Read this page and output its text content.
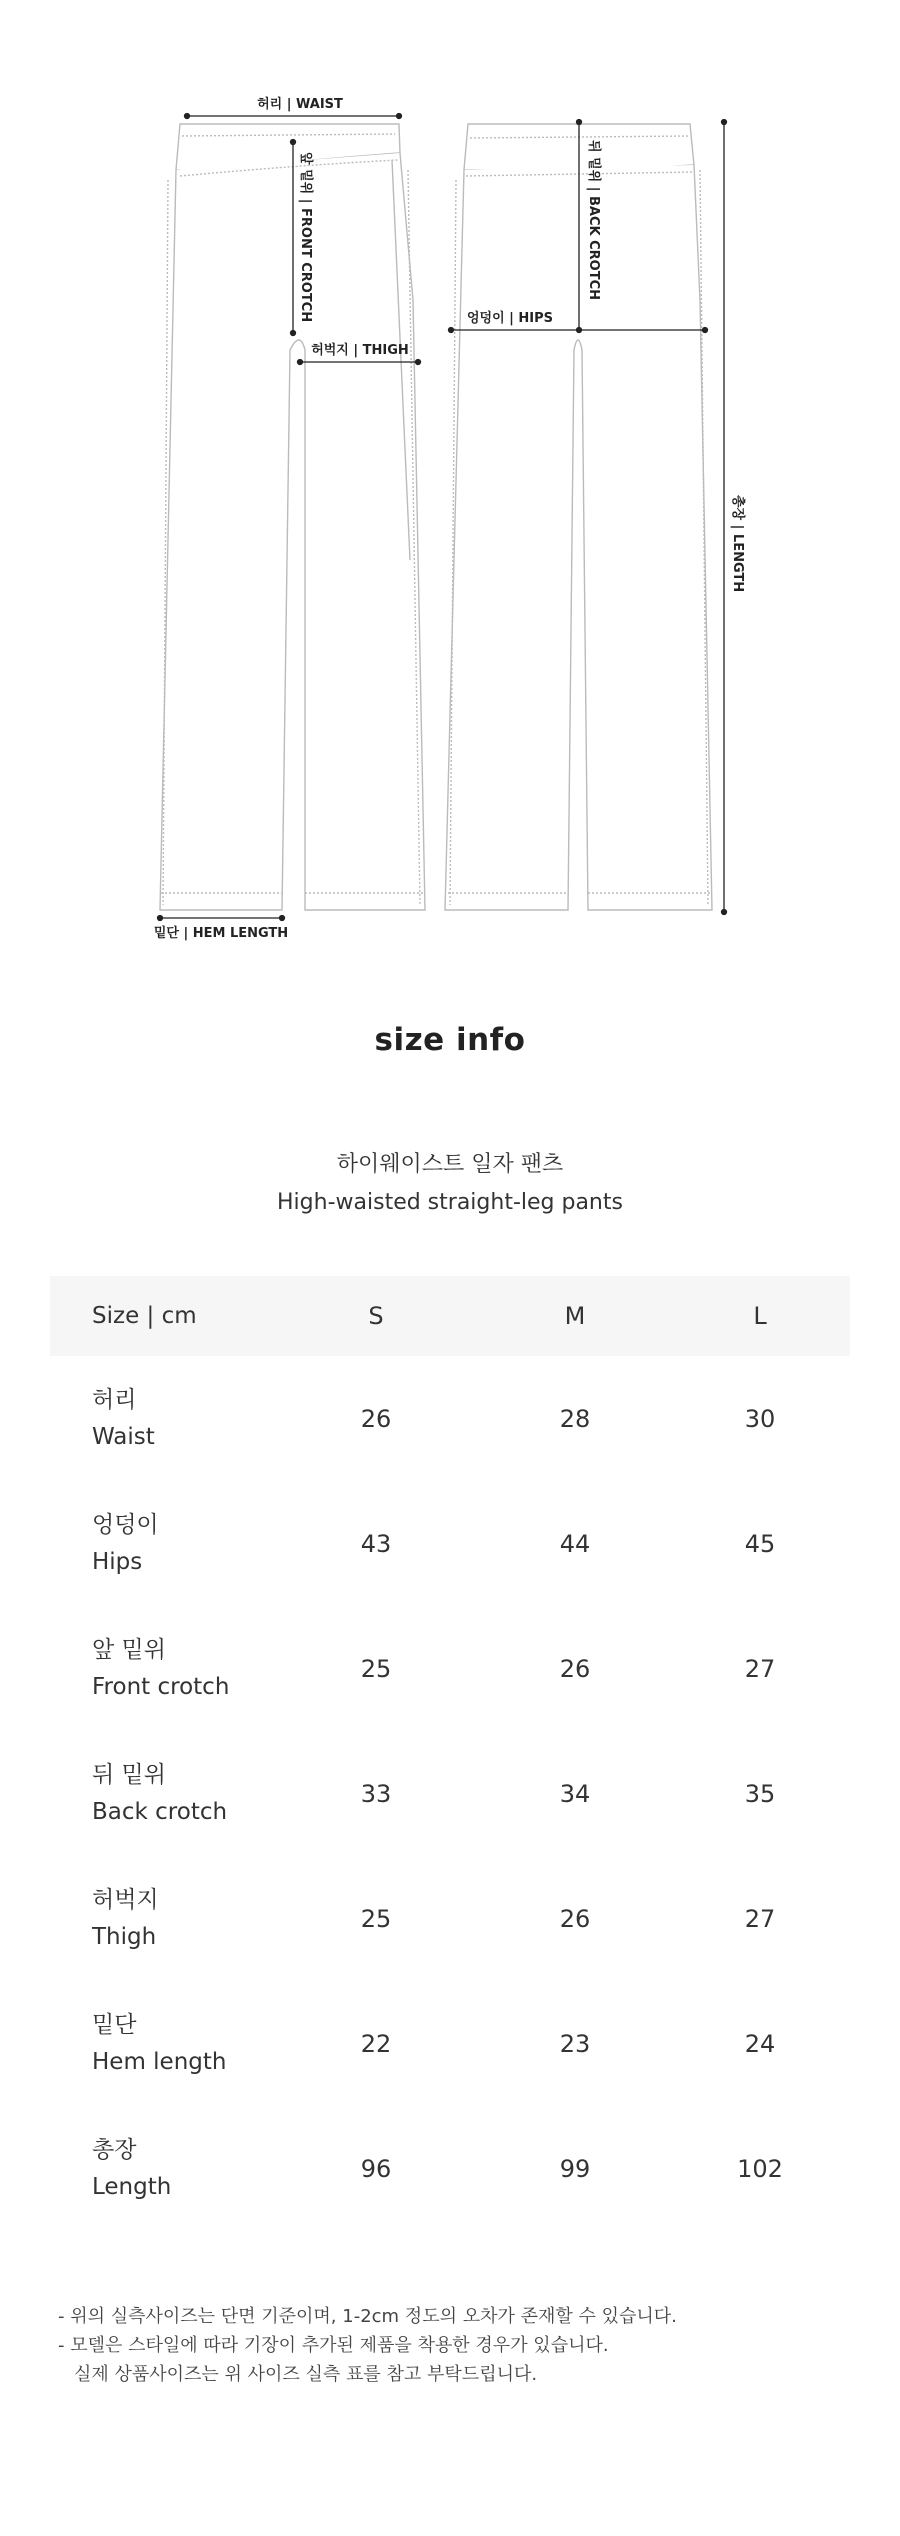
허리 | WAIST
앞 밑위 | FRONT CROTCH
허벅지 | THIGH
밑단 | HEM LENGTH
뒤 밑위 | BACK CROTCH
엉덩이 | HIPS
총장 | LENGTH
size info
하이웨이스트 일자 팬츠
High-waisted straight-leg pants
Size | cm	S	M	L
허리
Waist
26	28	30
엉덩이
Hips
43	44	45
앞 밑위
Front crotch
25	26	27
뒤 밑위
Back crotch
33	34	35
허벅지
Thigh
25	26	27
밑단
Hem length
22	23	24
총장
Length
96	99	102
- 위의 실측사이즈는 단면 기준이며, 1-2cm 정도의 오차가 존재할 수 있습니다.
- 모델은 스타일에 따라 기장이 추가된 제품을 착용한 경우가 있습니다.
실제 상품사이즈는 위 사이즈 실측 표를 참고 부탁드립니다.
